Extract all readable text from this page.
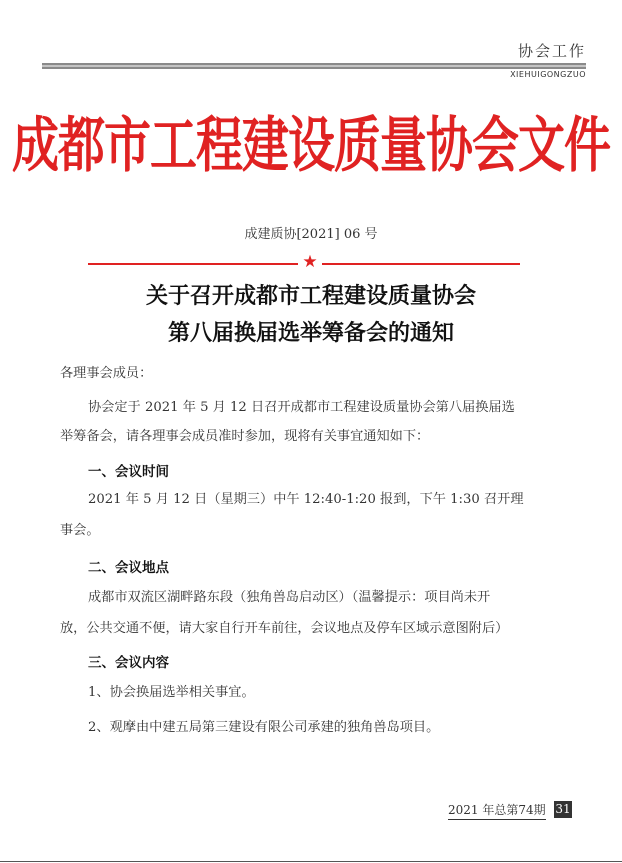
协会工作
XIEHUIGONGZUO
成都市工程建设质量协会文件
成建质协[2021] 06 号
★
关于召开成都市工程建设质量协会
第八届换届选举筹备会的通知
各理事会成员：
协会定于 2021 年 5 月 12 日召开成都市工程建设质量协会第八届换届选
举筹备会，请各理事会成员准时参加，现将有关事宜通知如下：
一、会议时间
2021 年 5 月 12 日（星期三）中午 12:40-1:20 报到，下午 1:30 召开理
事会。
二、会议地点
成都市双流区湖畔路东段（独角兽岛启动区）（温馨提示：项目尚未开
放，公共交通不便，请大家自行开车前往，会议地点及停车区域示意图附后）
三、会议内容
1、协会换届选举相关事宜。
2、观摩由中建五局第三建设有限公司承建的独角兽岛项目。
2021 年总第74期 31
